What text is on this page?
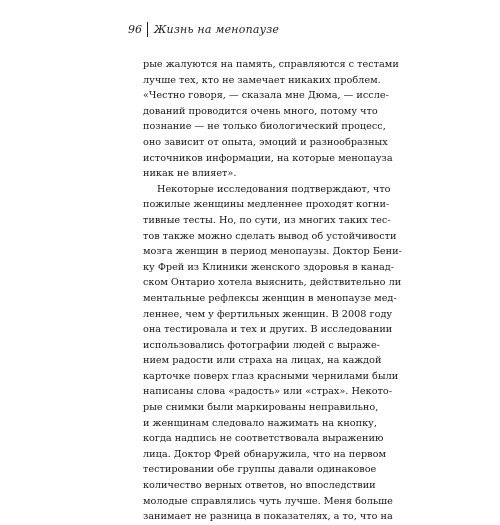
96 Жизнь на менопаузе

рые жалуются на память, справляются с тестами
лучше тех, кто не замечает никаких проблем.
«Честно говоря, — сказала мне Дюма, — иссле-
дований проводится очень много, потому что
познание — не только биологический процесс,
оно зависит от опыта, эмоций и разнообразных
источников информации, на которые менопауза
никак не влияет».

Некоторые исследования подтверждают, что
пожилые женщины медленнее проходят когни-
тивные тесты. Но, по сути, из многих таких тес-
тов также можно сделать вывод об устойчивости
мозга женщин в период менопаузы. Доктор Бени-
ку Фрей из Клиники женского здоровья в канад-
ском Онтарио хотела выяснить, действительно ли
ментальные рефлексы женщин в менопаузе мед-
леннее, чем у фертильных женщин. В 2008 году
она тестировала и тех и других. В исследовании
использовались фотографии людей с выраже-
нием радости или страха на лицах, на каждой
карточке поверх глаз красными чернилами были
написаны слова «радость» или «страх». Некото-
рые снимки были маркированы неправильно,
и женщинам следовало нажимать на кнопку,
когда надпись не соответствовала выражению
лица. Доктор Фрей обнаружила, что на первом
тестировании обе группы давали одинаковое
количество верных ответов, но впоследствии
молодые справлялись чуть лучше. Меня больше
занимает не разница в показателях, а то, что на
